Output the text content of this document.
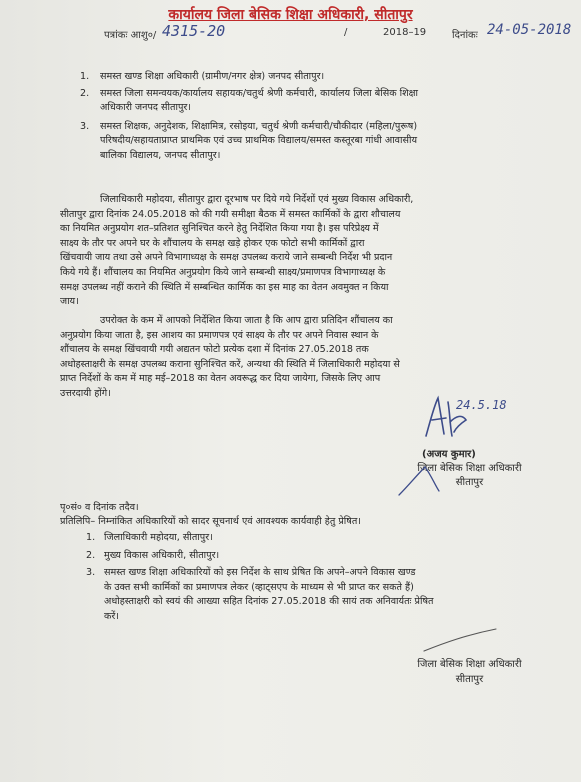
कार्यालय जिला बेसिक शिक्षा अधिकारी, सीतापुर
पत्रांकः आशु०/ 4315-20	/	2018–19	दिनांकः 24-05-2018
1. समस्त खण्ड शिक्षा अधिकारी (ग्रामीण/नगर क्षेत्र) जनपद सीतापुर।
2. समस्त जिला समन्वयक/कार्यालय सहायक/चतुर्थ श्रेणी कर्मचारी, कार्यालय जिला बेसिक शिक्षा
अधिकारी जनपद सीतापुर।
3. समस्त शिक्षक, अनुदेशक, शिक्षामित्र, रसोइया, चतुर्थ श्रेणी कर्मचारी/चौकीदार (महिला/पुरूष)
परिषदीय/सहायताप्राप्त प्राथमिक एवं उच्च प्राथमिक विद्यालय/समस्त कस्तूरबा गांधी आवासीय
बालिका विद्यालय, जनपद सीतापुर।
जिलाधिकारी महोदया, सीतापुर द्वारा दूरभाष पर दिये गये निर्देशों एवं मुख्य विकास अधिकारी,
सीतापुर द्वारा दिनांक 24.05.2018 को की गयी समीक्षा बैठक में समस्त कार्मिकों के द्वारा शौचालय
का नियमित अनुप्रयोग शत–प्रतिशत सुनिश्चित करने हेतु निर्देशित किया गया है। इस परिप्रेक्ष्य में
साक्ष्य के तौर पर अपने घर के शौंचालय के समक्ष खड़े होकर एक फोटो सभी कार्मिकों द्वारा
खिंचवायी जाय तथा उसे अपने विभागाध्यक्ष के समक्ष उपलब्ध कराये जाने सम्बन्धी निर्देश भी प्रदान
किये गये हैं। शौंचालय का नियमित अनुप्रयोग किये जाने सम्बन्धी साक्ष्य/प्रमाणपत्र विभागाध्यक्ष के
समक्ष उपलब्ध नहीं कराने की स्थिति में सम्बन्धित कार्मिक का इस माह का वेतन अवमुक्त न किया
जाय।
उपरोक्त के कम में आपको निर्देशित किया जाता है कि आप द्वारा प्रतिदिन शौंचालय का
अनुप्रयोग किया जाता है, इस आशय का प्रमाणपत्र एवं साक्ष्य के तौर पर अपने निवास स्थान के
शौंचालय के समक्ष खिंचवायी गयी अद्यतन फोटो प्रत्येक दशा में दिनांक 27.05.2018 तक
अधोहस्ताक्षरी के समक्ष उपलब्ध कराना सुनिश्चित करें, अन्यथा की स्थिति में जिलाधिकारी महोदया से
प्राप्त निर्देशों के कम में माह मई–2018 का वेतन अवरूद्ध कर दिया जायेगा, जिसके लिए आप
उत्तरदायी होंगे।
24.5.18
(अजय कुमार)
जिला बेसिक शिक्षा अधिकारी
सीतापुर
पृ०सं० व दिनांक तदैव।
प्रतिलिपि– निम्नांकित अधिकारियों को सादर सूचनार्थ एवं आवश्यक कार्यवाही हेतु प्रेषित।
1. जिलाधिकारी महोदया, सीतापुर।
2. मुख्य विकास अधिकारी, सीतापुर।
3. समस्त खण्ड शिक्षा अधिकारियों को इस निर्देश के साथ प्रेषित कि अपने–अपने विकास खण्ड
के उक्त सभी कार्मिकों का प्रमाणपत्र लेकर (व्हाट्सएप के माध्यम से भी प्राप्त कर सकते हैं)
अधोहस्ताक्षरी को स्वयं की आख्या सहित दिनांक 27.05.2018 की सायं तक अनिवार्यतः प्रेषित
करें।
जिला बेसिक शिक्षा अधिकारी
सीतापुर
